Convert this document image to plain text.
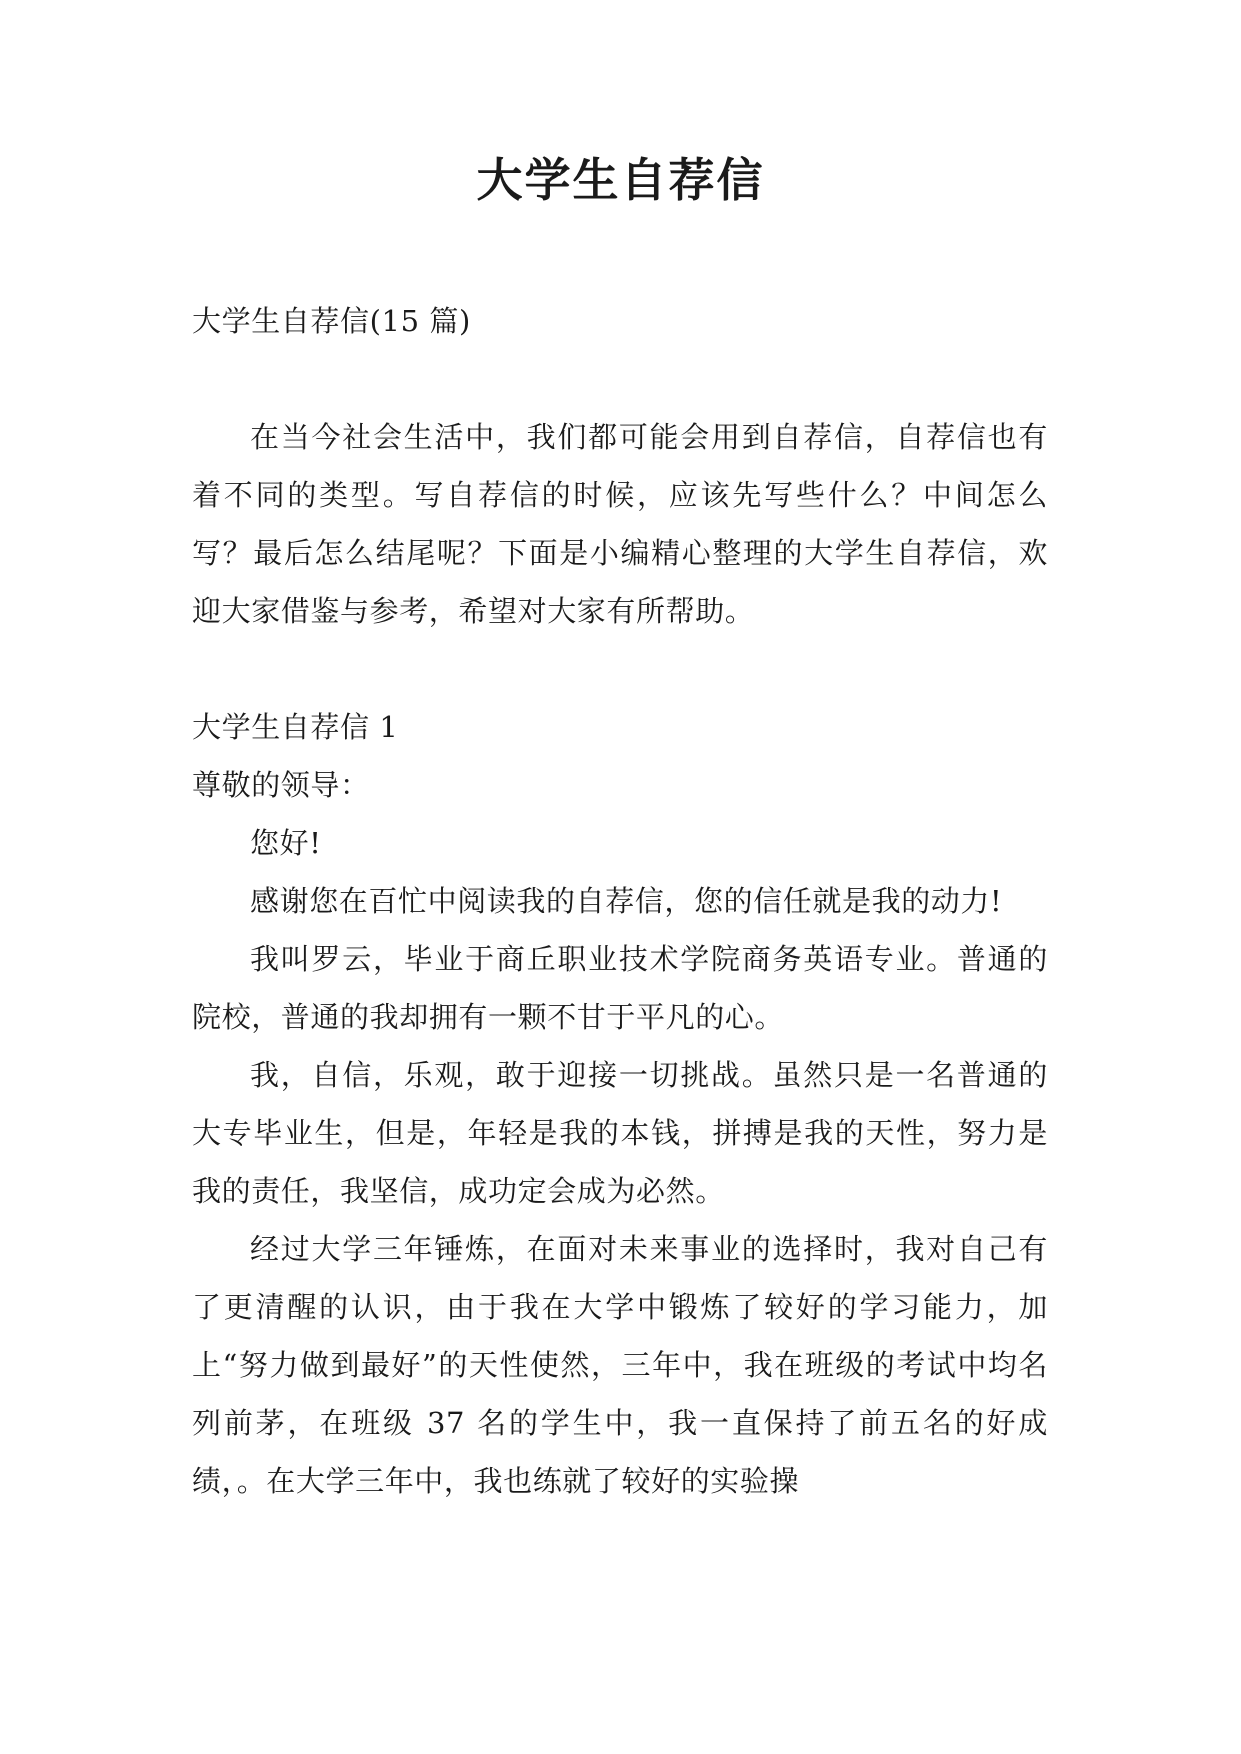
大学生自荐信

大学生自荐信(15 篇)

在当今社会生活中，我们都可能会用到自荐信，自荐信也有着不同的类型。写自荐信的时候，应该先写些什么？中间怎么写？最后怎么结尾呢？下面是小编精心整理的大学生自荐信，欢迎大家借鉴与参考，希望对大家有所帮助。

大学生自荐信 1

尊敬的领导：

您好!

感谢您在百忙中阅读我的自荐信，您的信任就是我的动力!

我叫罗云，毕业于商丘职业技术学院商务英语专业。普通的院校，普通的我却拥有一颗不甘于平凡的心。

我，自信，乐观，敢于迎接一切挑战。虽然只是一名普通的大专毕业生，但是，年轻是我的本钱，拼搏是我的天性，努力是我的责任，我坚信，成功定会成为必然。

经过大学三年锤炼，在面对未来事业的选择时，我对自己有了更清醒的认识，由于我在大学中锻炼了较好的学习能力，加上“努力做到最好”的天性使然，三年中，我在班级的考试中均名列前茅，在班级 37 名的学生中，我一直保持了前五名的好成绩，。在大学三年中，我也练就了较好的实验操
